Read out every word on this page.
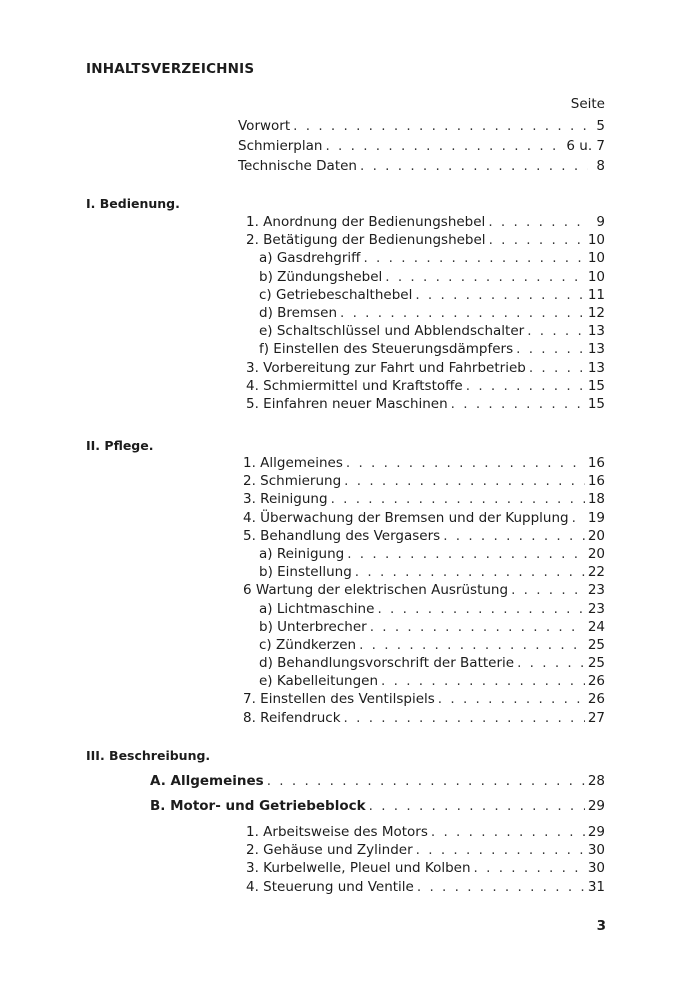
INHALTSVERZEICHNIS
Seite
Vorwort . . .	5
Schmierplan . . .	6 u. 7
Technische Daten . . .	8
I. Bedienung.
1. Anordnung der Bedienungshebel . . .	9
2. Betätigung der Bedienungshebel . . .	10
a) Gasdrehgriff . . .	10
b) Zündungshebel . . .	10
c) Getriebeschalthebel . . .	11
d) Bremsen . . .	12
e) Schaltschlüssel und Abblendschalter . . .	13
f) Einstellen des Steuerungsdämpfers . . .	13
3. Vorbereitung zur Fahrt und Fahrbetrieb . . .	13
4. Schmiermittel und Kraftstoffe . . .	15
5. Einfahren neuer Maschinen . . .	15
II. Pflege.
1. Allgemeines . . .	16
2. Schmierung . . .	16
3. Reinigung . . .	18
4. Überwachung der Bremsen und der Kupplung . . . 19
5. Behandlung des Vergasers . . .	20
a) Reinigung . . .	20
b) Einstellung . . .	22
6 Wartung der elektrischen Ausrüstung . . .	23
a) Lichtmaschine . . .	23
b) Unterbrecher . . .	24
c) Zündkerzen . . .	25
d) Behandlungsvorschrift der Batterie . . .	25
e) Kabelleitungen . . .	26
7. Einstellen des Ventilspiels . . .	26
8. Reifendruck . . .	27
III. Beschreibung.
A. Allgemeines . . .	28
B. Motor- und Getriebeblock . . .	29
1. Arbeitsweise des Motors . . .	29
2. Gehäuse und Zylinder . . .	30
3. Kurbelwelle, Pleuel und Kolben . . .	30
4. Steuerung und Ventile . . .	31
3
